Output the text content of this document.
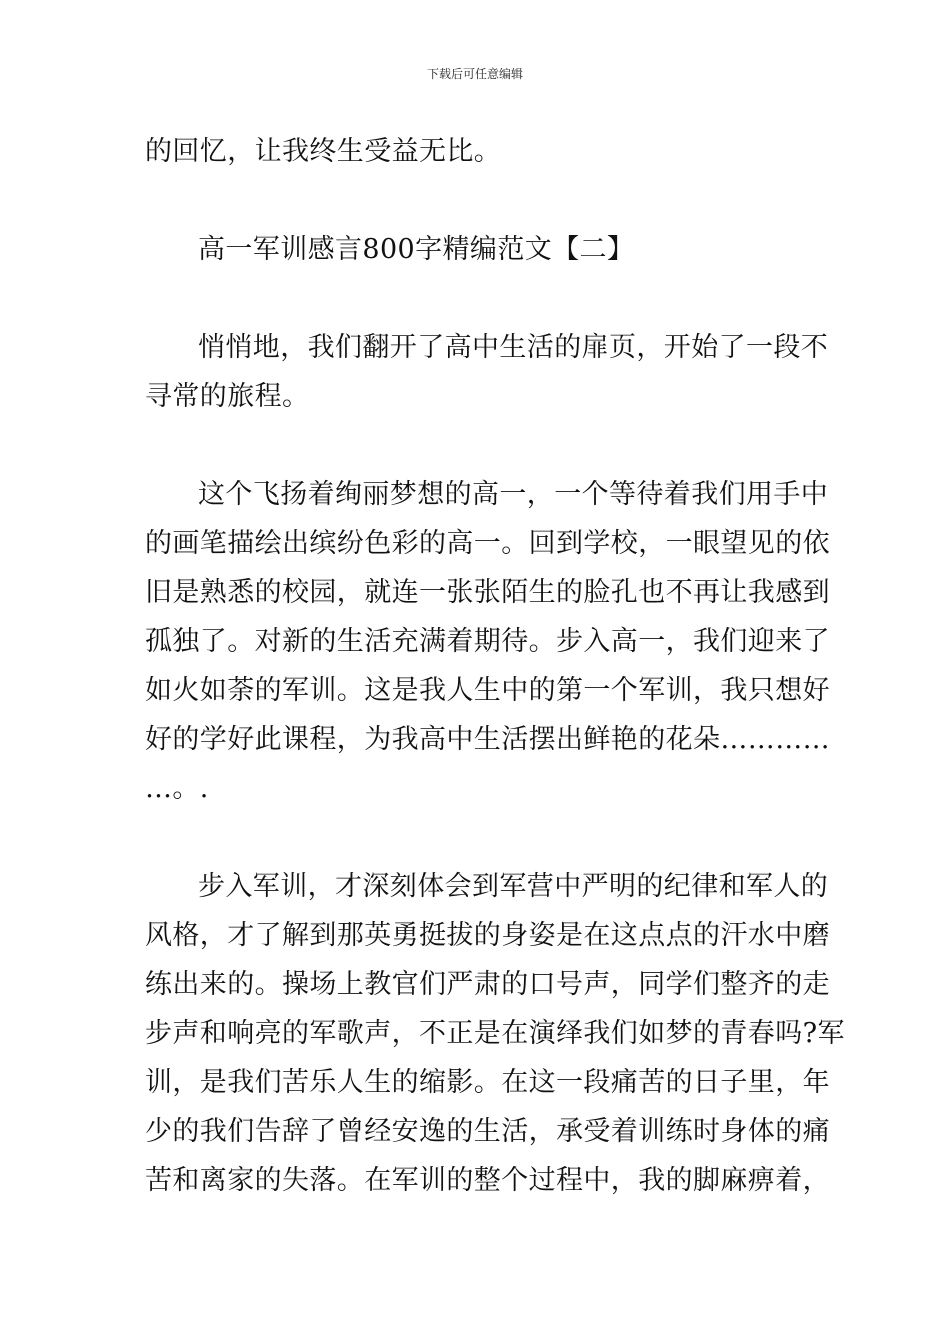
下载后可任意编辑
的回忆，让我终生受益无比。
高一军训感言800字精编范文【二】
悄悄地，我们翻开了高中生活的扉页，开始了一段不
寻常的旅程。
这个飞扬着绚丽梦想的高一，一个等待着我们用手中
的画笔描绘出缤纷色彩的高一。回到学校，一眼望见的依
旧是熟悉的校园，就连一张张陌生的脸孔也不再让我感到
孤独了。对新的生活充满着期待。步入高一，我们迎来了
如火如荼的军训。这是我人生中的第一个军训，我只想好
好的学好此课程，为我高中生活摆出鲜艳的花朵…………
…。.
步入军训，才深刻体会到军营中严明的纪律和军人的
风格，才了解到那英勇挺拔的身姿是在这点点的汗水中磨
练出来的。操场上教官们严肃的口号声，同学们整齐的走
步声和响亮的军歌声，不正是在演绎我们如梦的青春吗?军
训，是我们苦乐人生的缩影。在这一段痛苦的日子里，年
少的我们告辞了曾经安逸的生活，承受着训练时身体的痛
苦和离家的失落。在军训的整个过程中，我的脚麻痹着，
